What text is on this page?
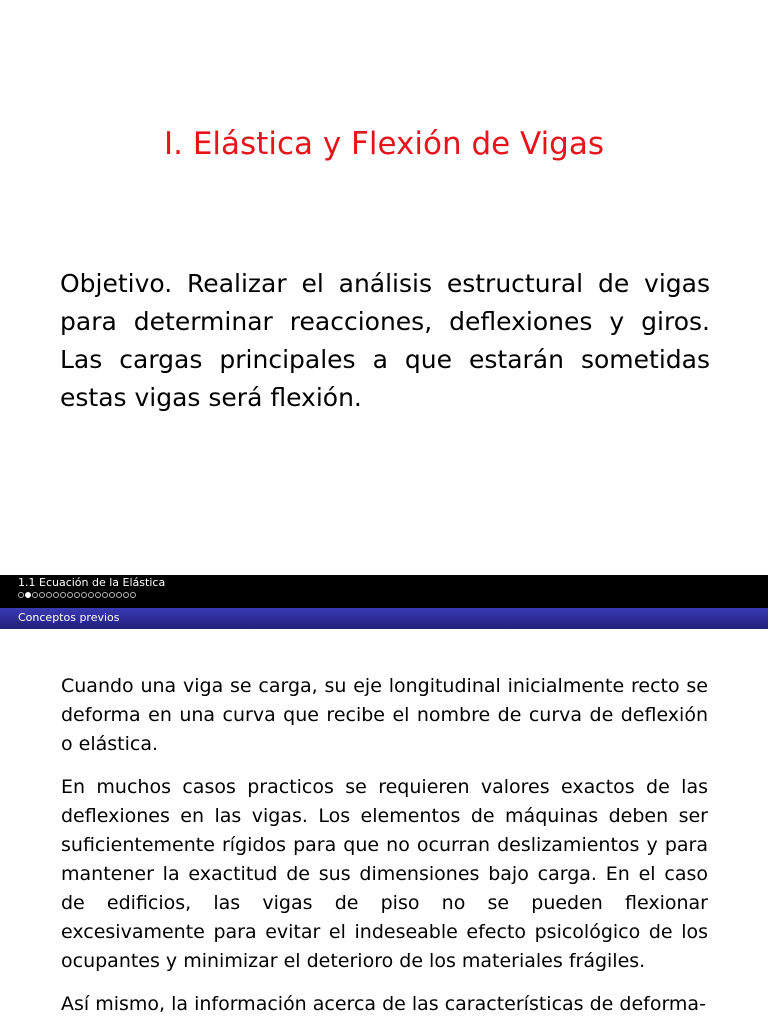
I. Elástica y Flexión de Vigas

Objetivo. Realizar el análisis estructural de vigas para determinar reacciones, deflexiones y giros. Las cargas principales a que estarán sometidas estas vigas será flexión.

1.1 Ecuación de la Elástica
Conceptos previos

Cuando una viga se carga, su eje longitudinal inicialmente recto se deforma en una curva que recibe el nombre de curva de deflexión o elástica.

En muchos casos practicos se requieren valores exactos de las deflexiones en las vigas. Los elementos de máquinas deben ser suficientemente rígidos para que no ocurran deslizamientos y para mantener la exactitud de sus dimensiones bajo carga. En el caso de edificios, las vigas de piso no se pueden flexionar excesivamente para evitar el indeseable efecto psicológico de los ocupantes y minimizar el deterioro de los materiales frágiles.

Así mismo, la información acerca de las características de deforma-
